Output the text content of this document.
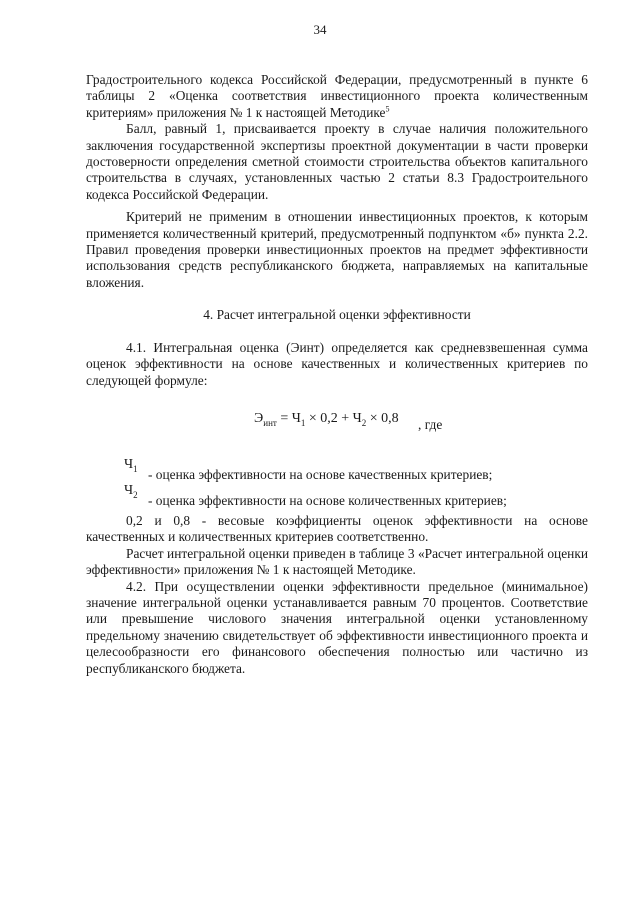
34

Градостроительного кодекса Российской Федерации, предусмотренный в пункте 6 таблицы 2 «Оценка соответствия инвестиционного проекта количественным критериям» приложения № 1 к настоящей Методике$^5$

Балл, равный 1, присваивается проекту в случае наличия положительного заключения государственной экспертизы проектной документации в части проверки достоверности определения сметной стоимости строительства объектов капитального строительства в случаях, установленных частью 2 статьи 8.3 Градостроительного кодекса Российской Федерации.

Критерий не применим в отношении инвестиционных проектов, к которым применяется количественный критерий, предусмотренный подпунктом «б» пункта 2.2. Правил проведения проверки инвестиционных проектов на предмет эффективности использования средств республиканского бюджета, направляемых на капитальные вложения.

4. Расчет интегральной оценки эффективности

4.1. Интегральная оценка (Эинт) определяется как средневзвешенная сумма оценок эффективности на основе качественных и количественных критериев по следующей формуле:

$Э_{инт} = Ч_1 \times 0,2 + Ч_2 \times 0,8$ , где
$Ч_1$ - оценка эффективности на основе качественных критериев;
$Ч_2$ - оценка эффективности на основе количественных критериев;

0,2 и 0,8 - весовые коэффициенты оценок эффективности на основе качественных и количественных критериев соответственно.

Расчет интегральной оценки приведен в таблице 3 «Расчет интегральной оценки эффективности» приложения № 1 к настоящей Методике.

4.2. При осуществлении оценки эффективности предельное (минимальное) значение интегральной оценки устанавливается равным 70 процентов. Соответствие или превышение числового значения интегральной оценки установленному предельному значению свидетельствует об эффективности инвестиционного проекта и целесообразности его финансового обеспечения полностью или частично из республиканского бюджета.
